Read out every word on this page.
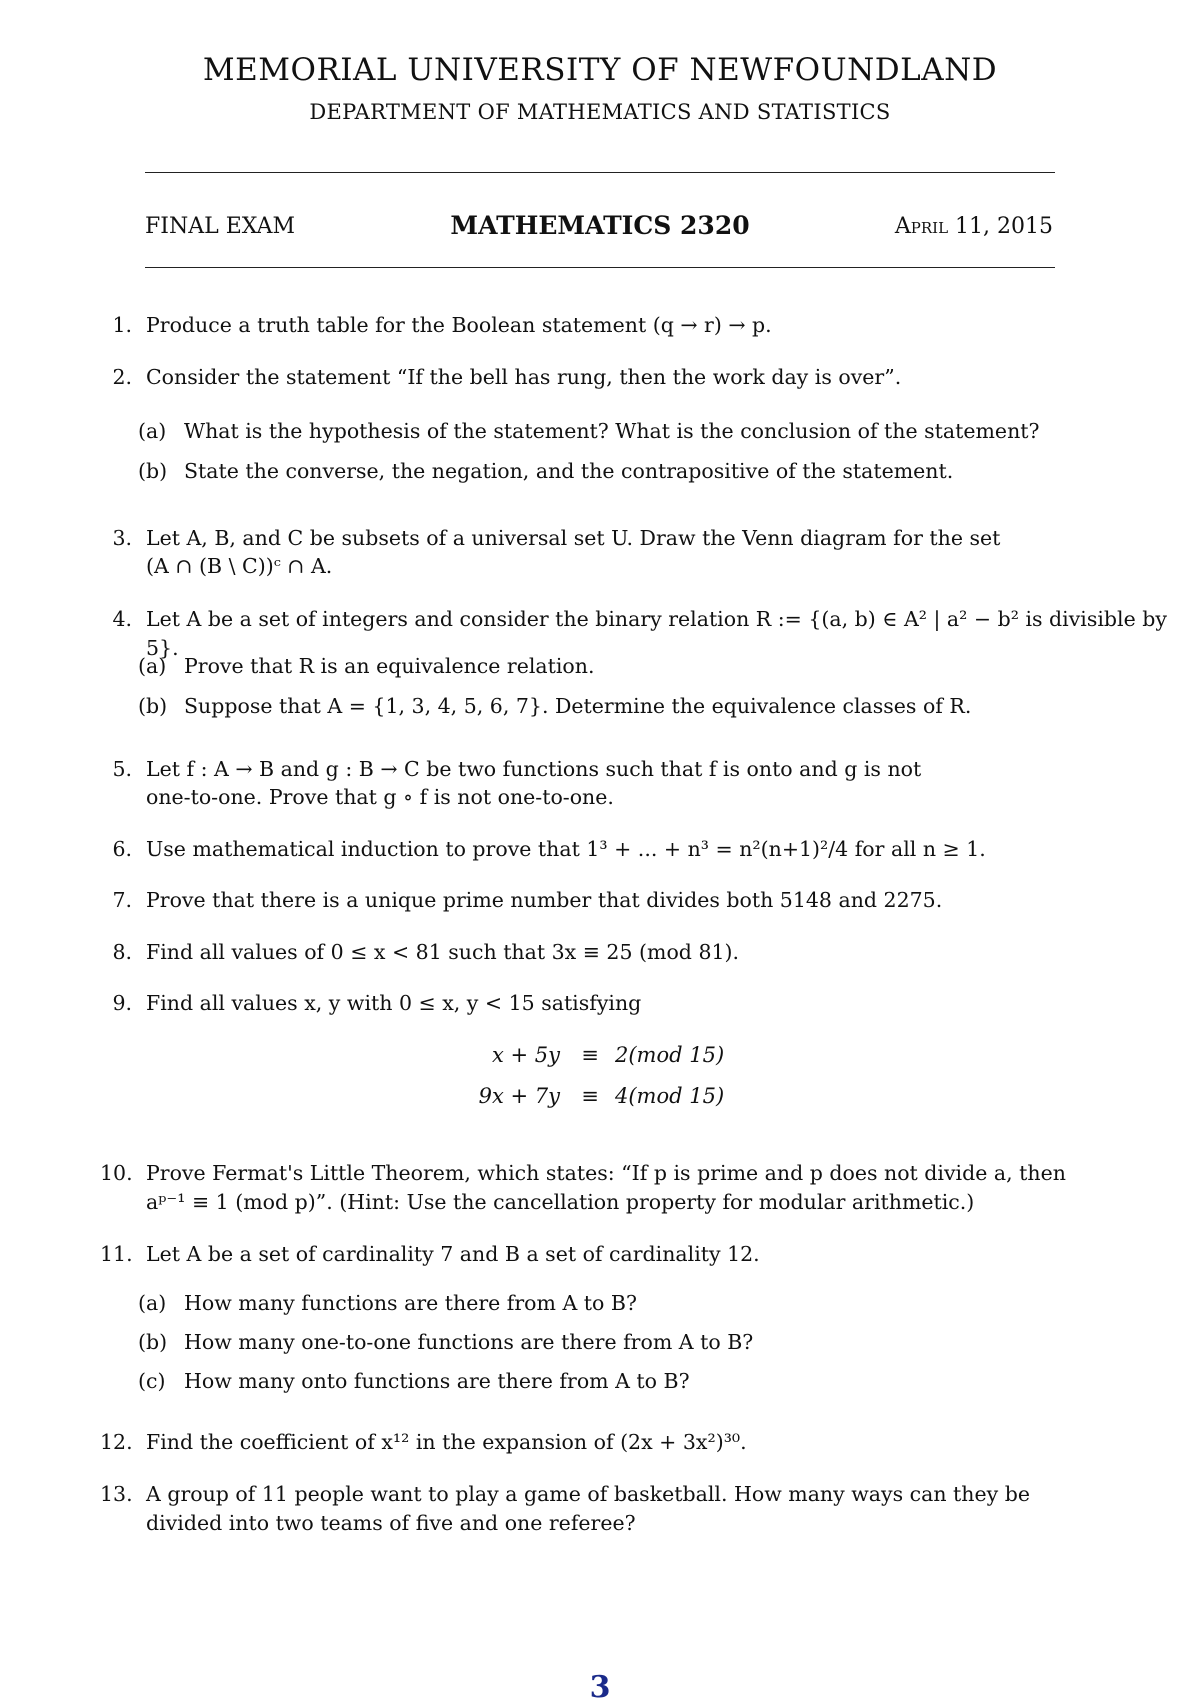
MEMORIAL UNIVERSITY OF NEWFOUNDLAND
DEPARTMENT OF MATHEMATICS AND STATISTICS
FINAL EXAM	MATHEMATICS 2320	April 11, 2015
1. Produce a truth table for the Boolean statement (q → r) → p.
2. Consider the statement “If the bell has rung, then the work day is over”.
(a) What is the hypothesis of the statement? What is the conclusion of the statement?
(b) State the converse, the negation, and the contrapositive of the statement.
3. Let A, B, and C be subsets of a universal set U. Draw the Venn diagram for the set
(A ∩ (B \ C))ᶜ ∩ A.
4. Let A be a set of integers and consider the binary relation R := {(a, b) ∈ A² | a² − b² is divisible by 5}.
(a) Prove that R is an equivalence relation.
(b) Suppose that A = {1, 3, 4, 5, 6, 7}. Determine the equivalence classes of R.
5. Let f : A → B and g : B → C be two functions such that f is onto and g is not
one-to-one. Prove that g ∘ f is not one-to-one.
6. Use mathematical induction to prove that 1³ + ... + n³ = n²(n+1)²/4 for all n ≥ 1.
7. Prove that there is a unique prime number that divides both 5148 and 2275.
8. Find all values of 0 ≤ x < 81 such that 3x ≡ 25 (mod 81).
9. Find all values x, y with 0 ≤ x, y < 15 satisfying
x + 5y ≡ 2(mod 15)
9x + 7y ≡ 4(mod 15)
10. Prove Fermat's Little Theorem, which states: “If p is prime and p does not divide a, then
aᵖ⁻¹ ≡ 1 (mod p)”. (Hint: Use the cancellation property for modular arithmetic.)
11. Let A be a set of cardinality 7 and B a set of cardinality 12.
(a) How many functions are there from A to B?
(b) How many one-to-one functions are there from A to B?
(c) How many onto functions are there from A to B?
12. Find the coefficient of x¹² in the expansion of (2x + 3x²)³⁰.
13. A group of 11 people want to play a game of basketball. How many ways can they be
divided into two teams of five and one referee?
3
